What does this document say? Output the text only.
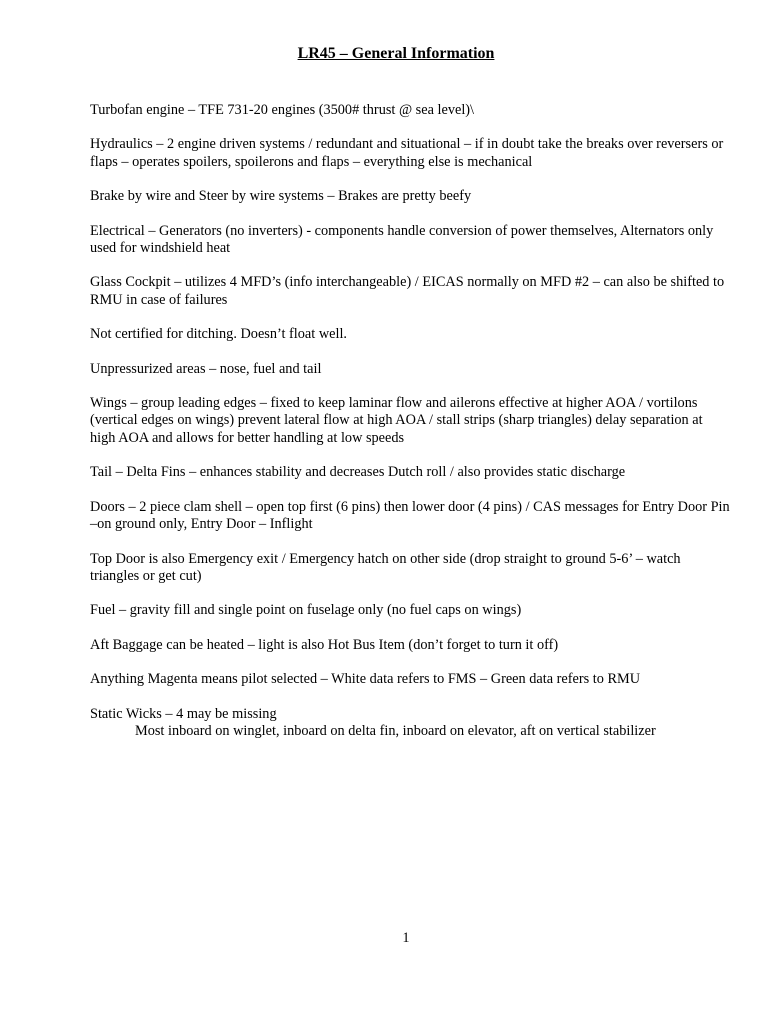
LR45 – General Information

Turbofan engine – TFE 731-20 engines (3500# thrust @ sea level)\

Hydraulics – 2 engine driven systems / redundant and situational – if in doubt take the breaks over reversers or flaps – operates spoilers, spoilerons and flaps – everything else is mechanical

Brake by wire and Steer by wire systems – Brakes are pretty beefy

Electrical – Generators (no inverters) - components handle conversion of power themselves, Alternators only used for windshield heat

Glass Cockpit – utilizes 4 MFD’s (info interchangeable) / EICAS normally on MFD #2 – can also be shifted to RMU in case of failures

Not certified for ditching. Doesn’t float well.

Unpressurized areas – nose, fuel and tail

Wings – group leading edges – fixed to keep laminar flow and ailerons effective at higher AOA / vortilons (vertical edges on wings) prevent lateral flow at high AOA / stall strips (sharp triangles) delay separation at high AOA and allows for better handling at low speeds

Tail – Delta Fins – enhances stability and decreases Dutch roll / also provides static discharge

Doors – 2 piece clam shell – open top first (6 pins) then lower door (4 pins) / CAS messages for Entry Door Pin –on ground only, Entry Door – Inflight

Top Door is also Emergency exit / Emergency hatch on other side (drop straight to ground 5-6’ – watch triangles or get cut)

Fuel – gravity fill and single point on fuselage only (no fuel caps on wings)

Aft Baggage can be heated – light is also Hot Bus Item (don’t forget to turn it off)

Anything Magenta means pilot selected – White data refers to FMS – Green data refers to RMU

Static Wicks – 4 may be missing
Most inboard on winglet, inboard on delta fin, inboard on elevator, aft on vertical stabilizer
1
